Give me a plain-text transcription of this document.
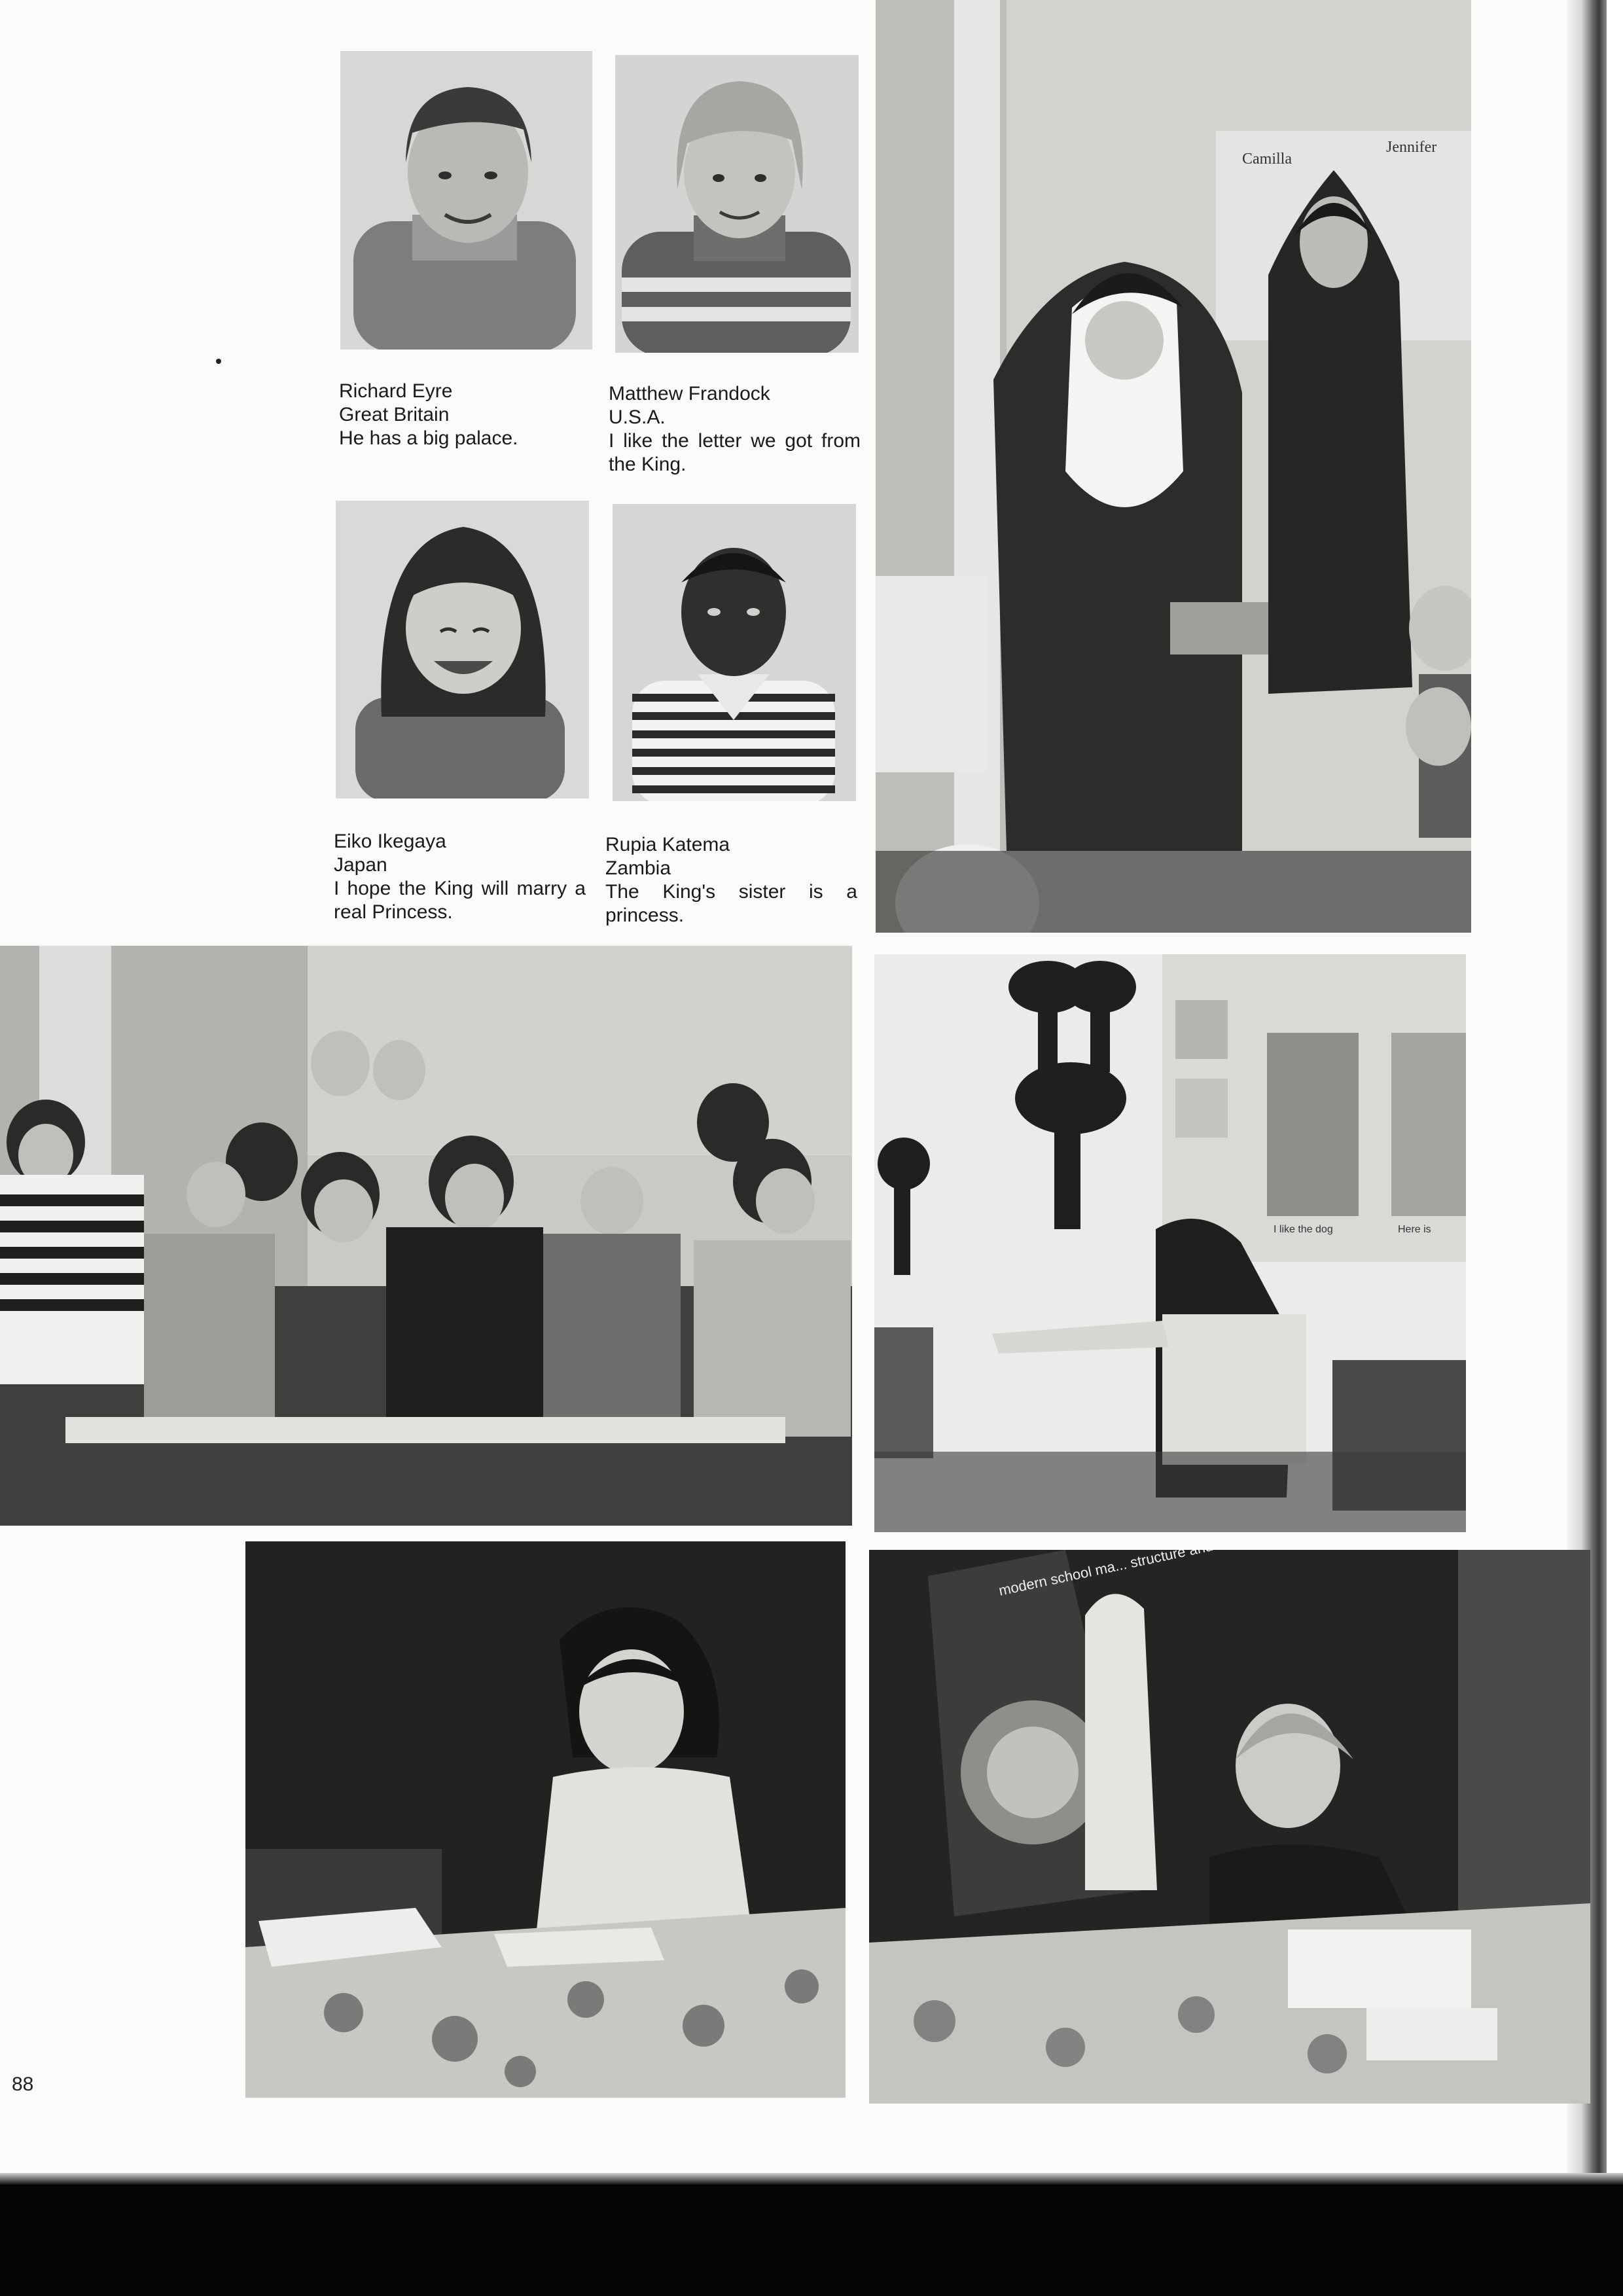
Richard Eyre
Great Britain
He has a big palace.
Matthew Frandock
U.S.A.
I like the letter we got from the King.
Eiko Ikegaya
Japan
I hope the King will marry a real Princess.
Rupia Katema
Zambia
The King's sister is a princess.
Camilla
Jennifer
I like the dog	Here is
88
